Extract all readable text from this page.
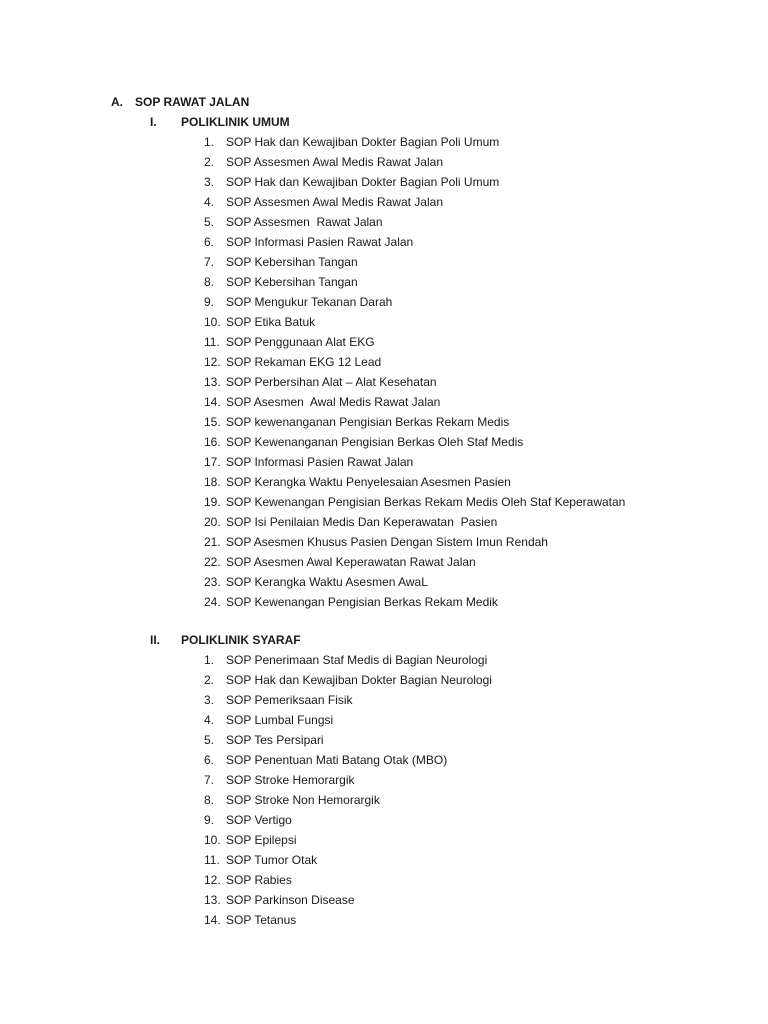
A. SOP RAWAT JALAN
I. POLIKLINIK UMUM
1. SOP Hak dan Kewajiban Dokter Bagian Poli Umum
2. SOP Assesmen Awal Medis Rawat Jalan
3. SOP Hak dan Kewajiban Dokter Bagian Poli Umum
4. SOP Assesmen Awal Medis Rawat Jalan
5. SOP Assesmen  Rawat Jalan
6. SOP Informasi Pasien Rawat Jalan
7. SOP Kebersihan Tangan
8. SOP Kebersihan Tangan
9. SOP Mengukur Tekanan Darah
10. SOP Etika Batuk
11. SOP Penggunaan Alat EKG
12. SOP Rekaman EKG 12 Lead
13. SOP Perbersihan Alat – Alat Kesehatan
14. SOP Asesmen  Awal Medis Rawat Jalan
15. SOP kewenanganan Pengisian Berkas Rekam Medis
16. SOP Kewenanganan Pengisian Berkas Oleh Staf Medis
17. SOP Informasi Pasien Rawat Jalan
18. SOP Kerangka Waktu Penyelesaian Asesmen Pasien
19. SOP Kewenangan Pengisian Berkas Rekam Medis Oleh Staf Keperawatan
20. SOP Isi Penilaian Medis Dan Keperawatan  Pasien
21. SOP Asesmen Khusus Pasien Dengan Sistem Imun Rendah
22. SOP Asesmen Awal Keperawatan Rawat Jalan
23. SOP Kerangka Waktu Asesmen AwaL
24. SOP Kewenangan Pengisian Berkas Rekam Medik
II. POLIKLINIK SYARAF
1. SOP Penerimaan Staf Medis di Bagian Neurologi
2. SOP Hak dan Kewajiban Dokter Bagian Neurologi
3. SOP Pemeriksaan Fisik
4. SOP Lumbal Fungsi
5. SOP Tes Persipari
6. SOP Penentuan Mati Batang Otak (MBO)
7. SOP Stroke Hemorargik
8. SOP Stroke Non Hemorargik
9. SOP Vertigo
10. SOP Epilepsi
11. SOP Tumor Otak
12. SOP Rabies
13. SOP Parkinson Disease
14. SOP Tetanus
